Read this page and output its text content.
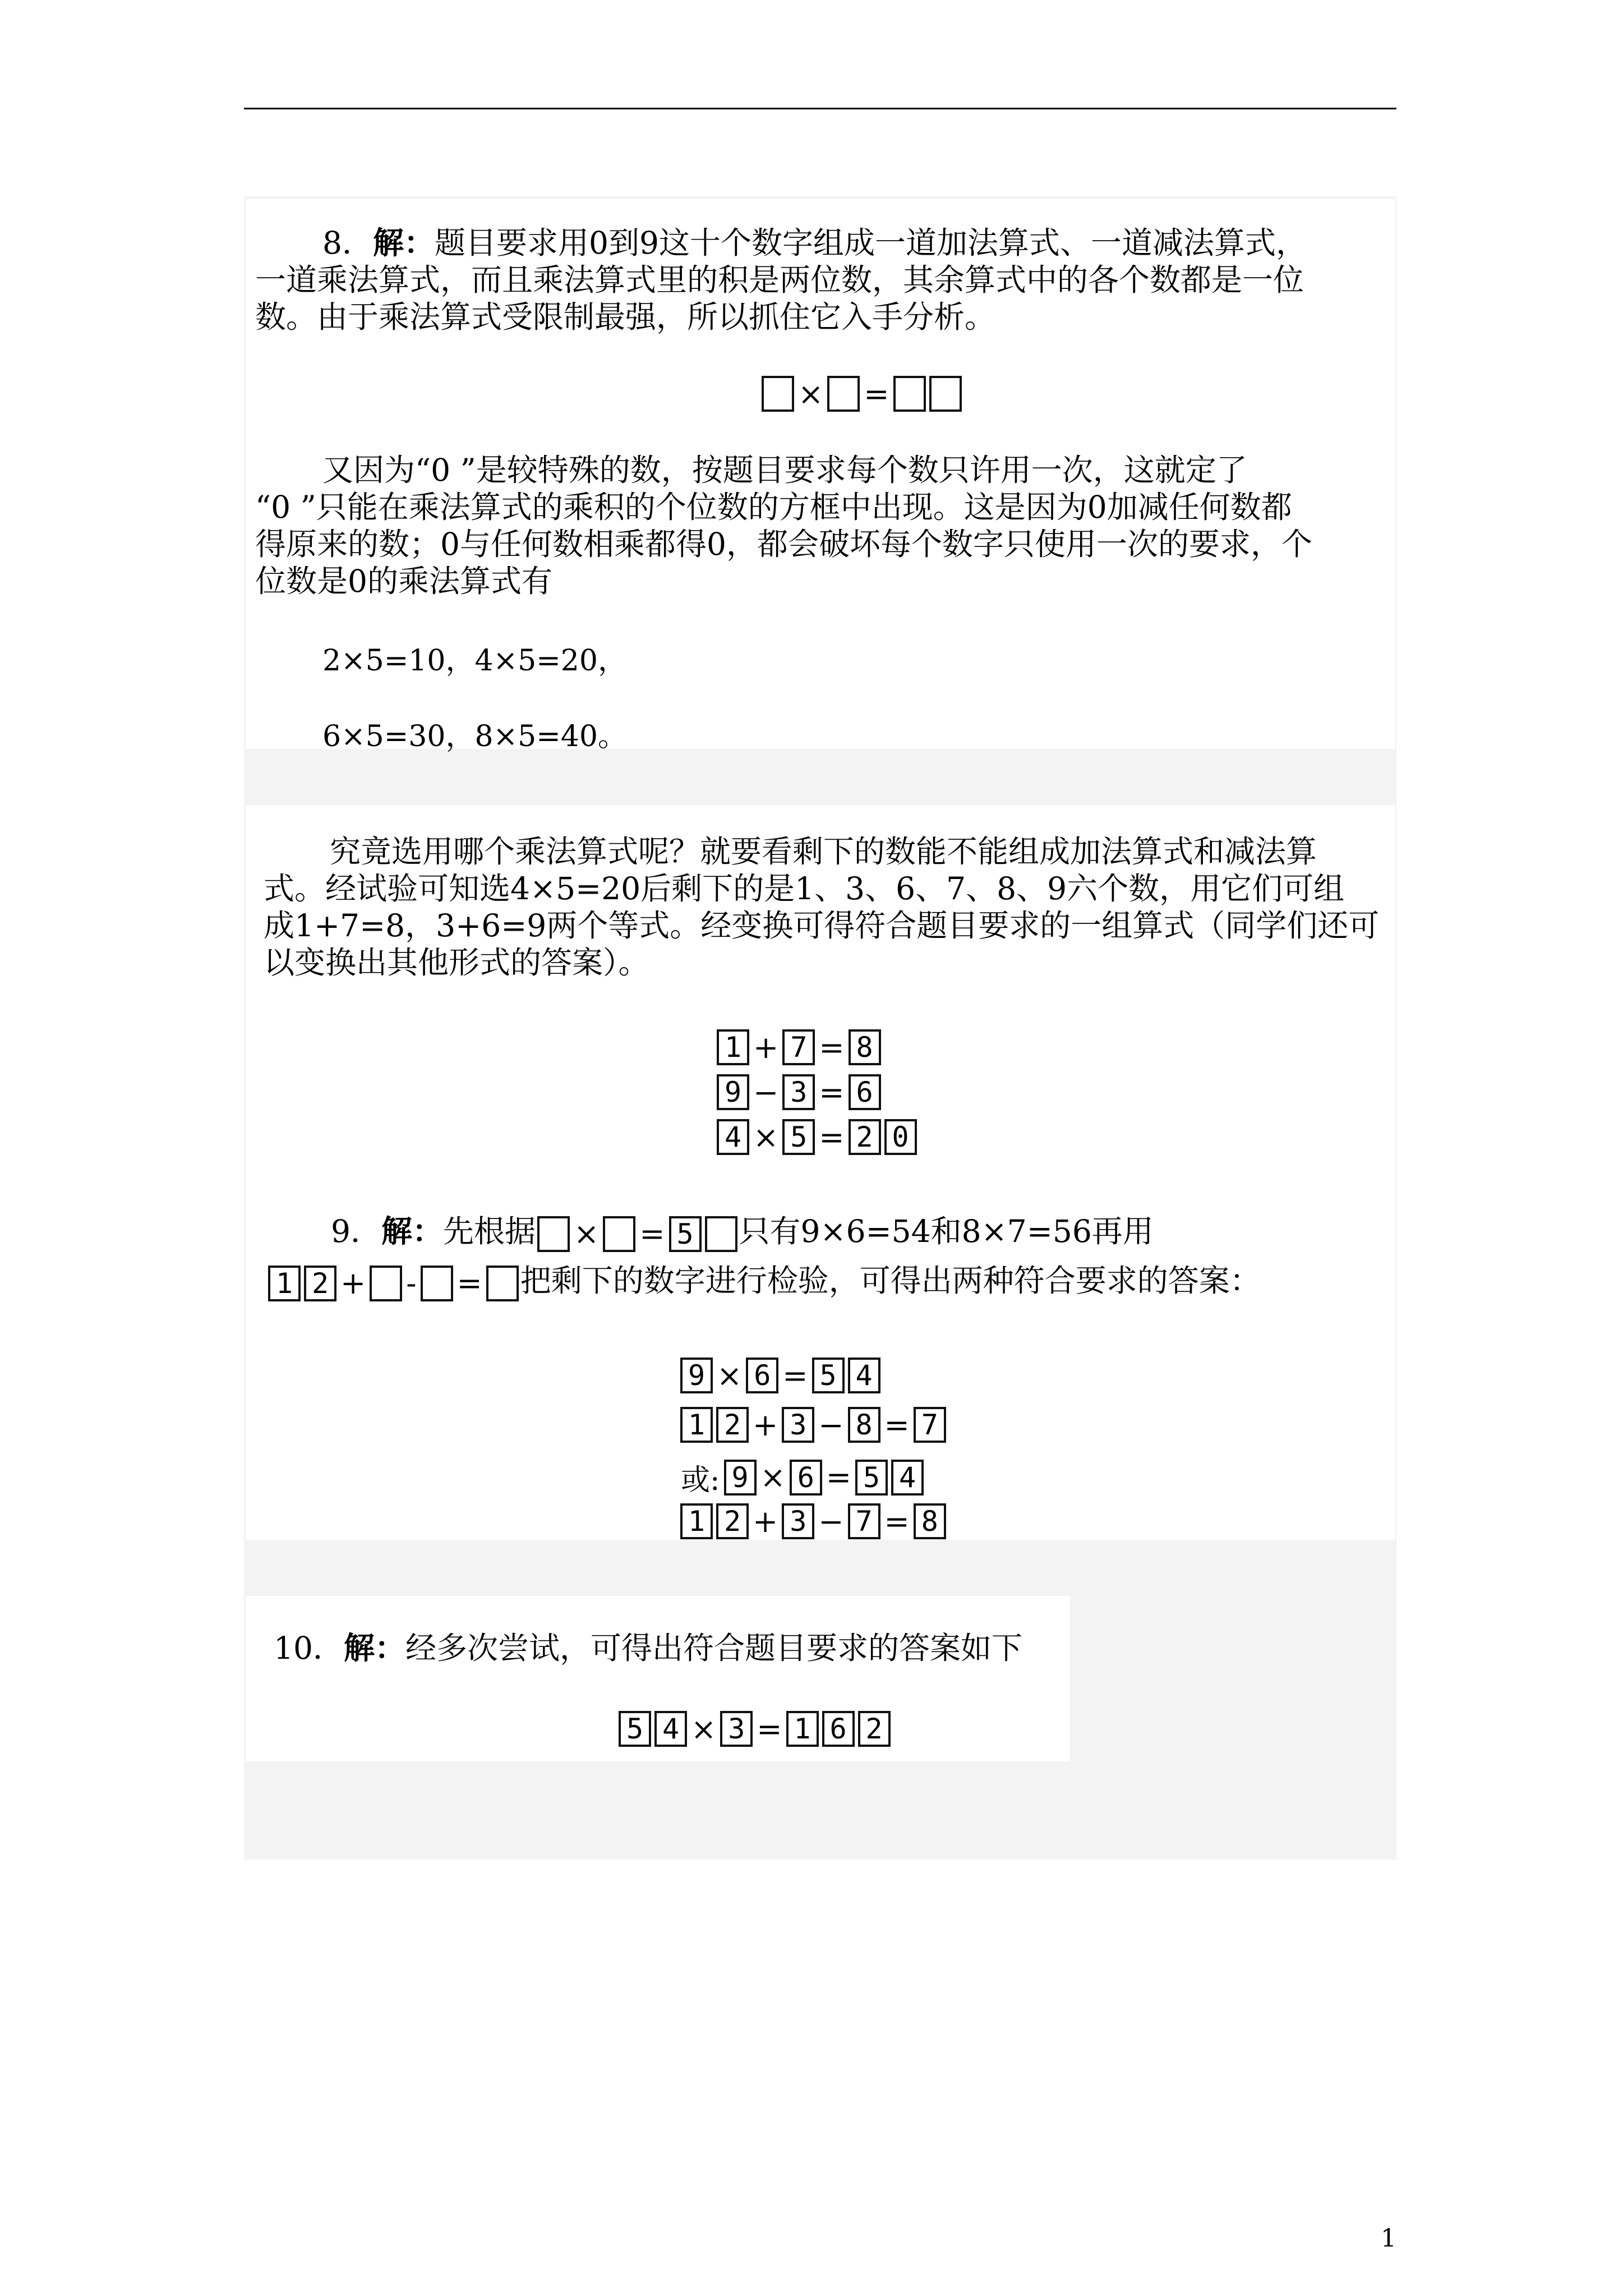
8．解：题目要求用0到9这十个数字组成一道加法算式、一道减法算式，
一道乘法算式，而且乘法算式里的积是两位数，其余算式中的各个数都是一位
数。由于乘法算式受限制最强，所以抓住它入手分析。
× =
又因为“0 ”是较特殊的数，按题目要求每个数只许用一次，这就定了
“0 ”只能在乘法算式的乘积的个位数的方框中出现。这是因为0加减任何数都
得原来的数；0与任何数相乘都得0，都会破坏每个数字只使用一次的要求，个
位数是0的乘法算式有
2×5=10，4×5=20，
6×5=30，8×5=40。
究竟选用哪个乘法算式呢？就要看剩下的数能不能组成加法算式和减法算
式。经试验可知选4×5=20后剩下的是1、3、6、7、8、9六个数，用它们可组
成1+7=8，3+6=9两个等式。经变换可得符合题目要求的一组算式（同学们还可
以变换出其他形式的答案）。
1 + 7 = 8
9 − 3 = 6
4 × 5 = 2 0
9．解：先根据 × = 5 只有9×6=54和8×7=56再用
1 2 + - = 把剩下的数字进行检验，可得出两种符合要求的答案：
9 × 6 = 5 4
1 2 + 3 − 8 = 7
或: 9 × 6 = 5 4
1 2 + 3 − 7 = 8
10．解：经多次尝试，可得出符合题目要求的答案如下
5 4 × 3 = 1 6 2
1
